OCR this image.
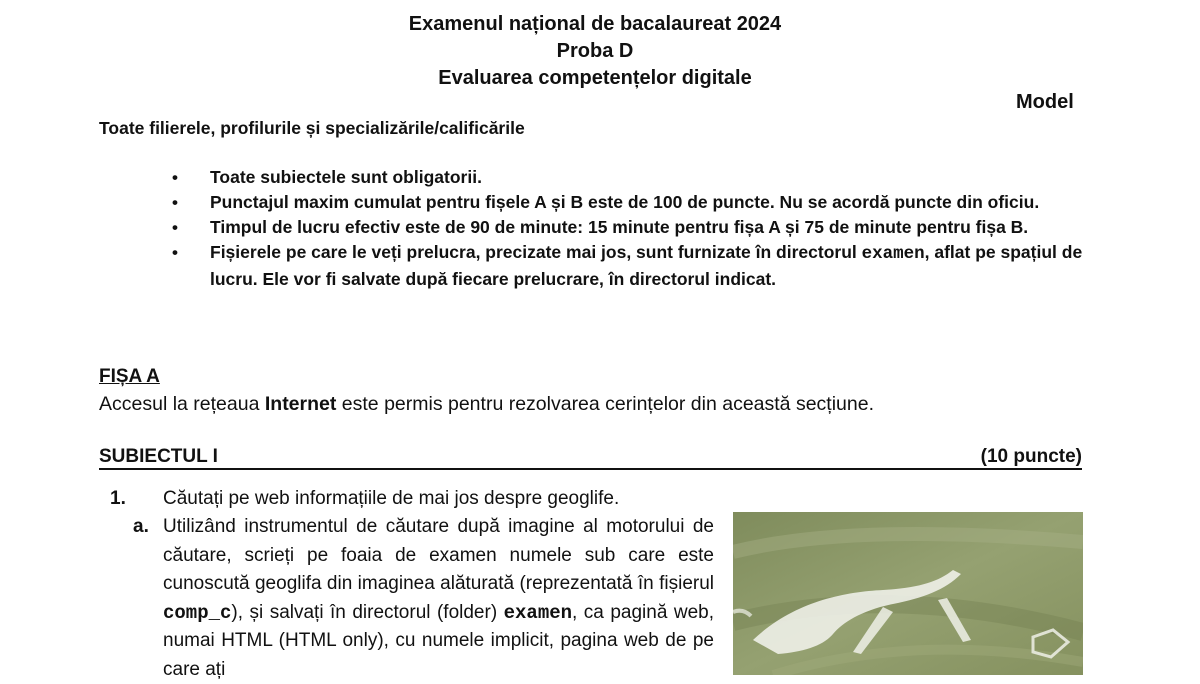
Examenul național de bacalaureat 2024
Proba D
Evaluarea competențelor digitale
Model
Toate filierele, profilurile și specializările/calificările
• Toate subiectele sunt obligatorii.
• Punctajul maxim cumulat pentru fișele A și B este de 100 de puncte. Nu se acordă puncte din oficiu.
• Timpul de lucru efectiv este de 90 de minute: 15 minute pentru fișa A și 75 de minute pentru fișa B.
• Fișierele pe care le veți prelucra, precizate mai jos, sunt furnizate în directorul examen, aflat pe spațiul de lucru. Ele vor fi salvate după fiecare prelucrare, în directorul indicat.
FIȘA A
Accesul la rețeaua Internet este permis pentru rezolvarea cerințelor din această secțiune.
SUBIECTUL I	(10 puncte)
1. Căutați pe web informațiile de mai jos despre geoglife.
a. Utilizând instrumentul de căutare după imagine al motorului de căutare, scrieți pe foaia de examen numele sub care este cunoscută geoglifa din imaginea alăturată (reprezentată în fișierul comp_c), și salvați în directorul (folder) examen, ca pagină web, numai HTML (HTML only), cu numele implicit, pagina web de pe care ați
